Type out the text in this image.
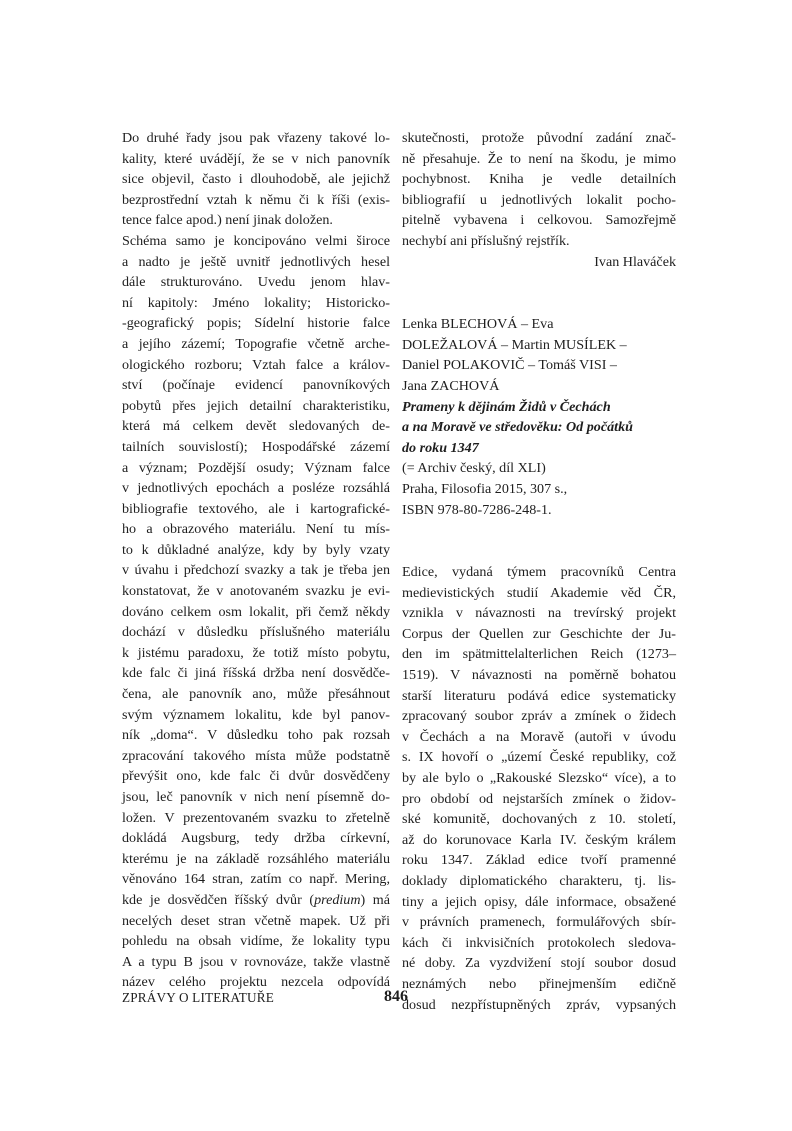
Do druhé řady jsou pak vřazeny takové lo-
kality, které uvádějí, že se v nich panovník
sice objevil, často i dlouhodobě, ale jejichž
bezprostřední vztah k němu či k říši (exis-
tence falce apod.) není jinak doložen.
Schéma samo je koncipováno velmi široce
a nadto je ještě uvnitř jednotlivých hesel
dále strukturováno. Uvedu jenom hlav-
ní kapitoly: Jméno lokality; Historicko-
-geografický popis; Sídelní historie falce
a jejího zázemí; Topografie včetně arche-
ologického rozboru; Vztah falce a králov-
ství (počínaje evidencí panovníkových
pobytů přes jejich detailní charakteristiku,
která má celkem devět sledovaných de-
tailních souvislostí); Hospodářské zázemí
a význam; Pozdější osudy; Význam falce
v jednotlivých epochách a posléze rozsáhlá
bibliografie textového, ale i kartografické-
ho a obrazového materiálu. Není tu mís-
to k důkladné analýze, kdy by byly vzaty
v úvahu i předchozí svazky a tak je třeba jen
konstatovat, že v anotovaném svazku je evi-
dováno celkem osm lokalit, při čemž někdy
dochází v důsledku příslušného materiálu
k jistému paradoxu, že totiž místo pobytu,
kde falc či jiná říšská držba není dosvědče-
čena, ale panovník ano, může přesáhnout
svým významem lokalitu, kde byl panov-
ník „doma“. V důsledku toho pak rozsah
zpracování takového místa může podstatně
převýšit ono, kde falc či dvůr dosvědčeny
jsou, leč panovník v nich není písemně do-
ložen. V prezentovaném svazku to zřetelně
dokládá Augsburg, tedy držba církevní,
kterému je na základě rozsáhlého materiálu
věnováno 164 stran, zatím co např. Mering,
kde je dosvědčen říšský dvůr (predium) má
necelých deset stran včetně mapek. Už při
pohledu na obsah vidíme, že lokality typu
A a typu B jsou v rovnováze, takže vlastně
název celého projektu nezcela odpovídá
skutečnosti, protože původní zadání znač-
ně přesahuje. Že to není na škodu, je mimo
pochybnost. Kniha je vedle detailních
bibliografií u jednotlivých lokalit pocho-
pitelně vybavena i celkovou. Samozřejmě
nechybí ani příslušný rejstřík.
Ivan Hlaváček
Lenka BLECHOVÁ – Eva
DOLEŽALOVÁ – Martin MUSÍLEK –
Daniel POLAKOVIČ – Tomáš VISI –
Jana ZACHOVÁ
Prameny k dějinám Židů v Čechách
a na Moravě ve středověku: Od počátků
do roku 1347
(= Archiv český, díl XLI)
Praha, Filosofia 2015, 307 s.,
ISBN 978-80-7286-248-1.
Edice, vydaná týmem pracovníků Centra
medievistických studií Akademie věd ČR,
vznikla v návaznosti na trevírský projekt
Corpus der Quellen zur Geschichte der Ju-
den im spätmittelalterlichen Reich (1273–
1519). V návaznosti na poměrně bohatou
starší literaturu podává edice systematicky
zpracovaný soubor zpráv a zmínek o židech
v Čechách a na Moravě (autoři v úvodu
s. IX hovoří o „území České republiky, což
by ale bylo o „Rakouské Slezsko“ více), a to
pro období od nejstarších zmínek o židov-
ské komunitě, dochovaných z 10. století,
až do korunovace Karla IV. českým králem
roku 1347. Základ edice tvoří pramenné
doklady diplomatického charakteru, tj. lis-
tiny a jejich opisy, dále informace, obsažené
v právních pramenech, formulářových sbír-
kách či inkvisičních protokolech sledova-
né doby. Za vyzdvižení stojí soubor dosud
neznámých nebo přinejmenším edičně
dosud nezpřístupněných zpráv, vypsaných
ZPRÁVY O LITERATUŘE	846
